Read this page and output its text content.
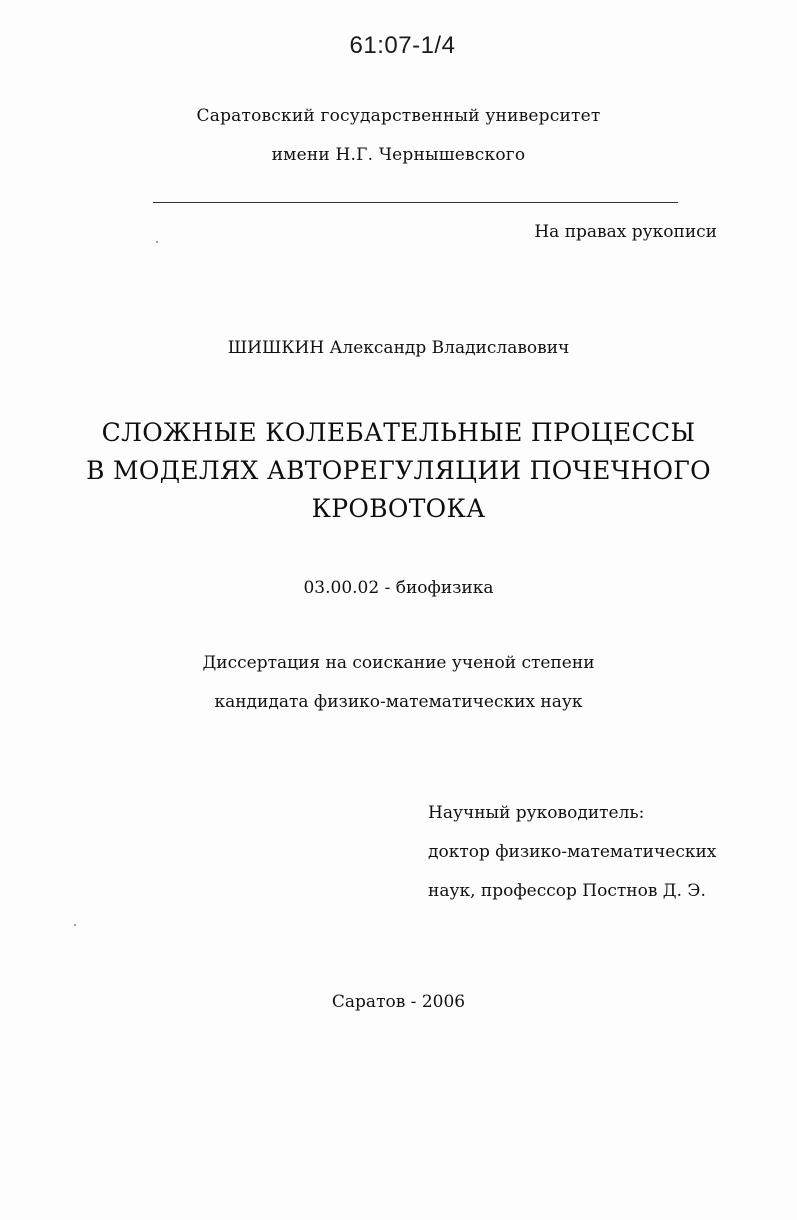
61:07-1/4
Саратовский государственный университет
имени Н.Г. Чернышевского
На правах рукописи
ШИШКИН Александр Владиславович
СЛОЖНЫЕ КОЛЕБАТЕЛЬНЫЕ ПРОЦЕССЫ
В МОДЕЛЯХ АВТОРЕГУЛЯЦИИ ПОЧЕЧНОГО
КРОВОТОКА
03.00.02 - биофизика
Диссертация на соискание ученой степени
кандидата физико-математических наук
Научный руководитель:
доктор физико-математических
наук, профессор Постнов Д. Э.
Саратов - 2006
